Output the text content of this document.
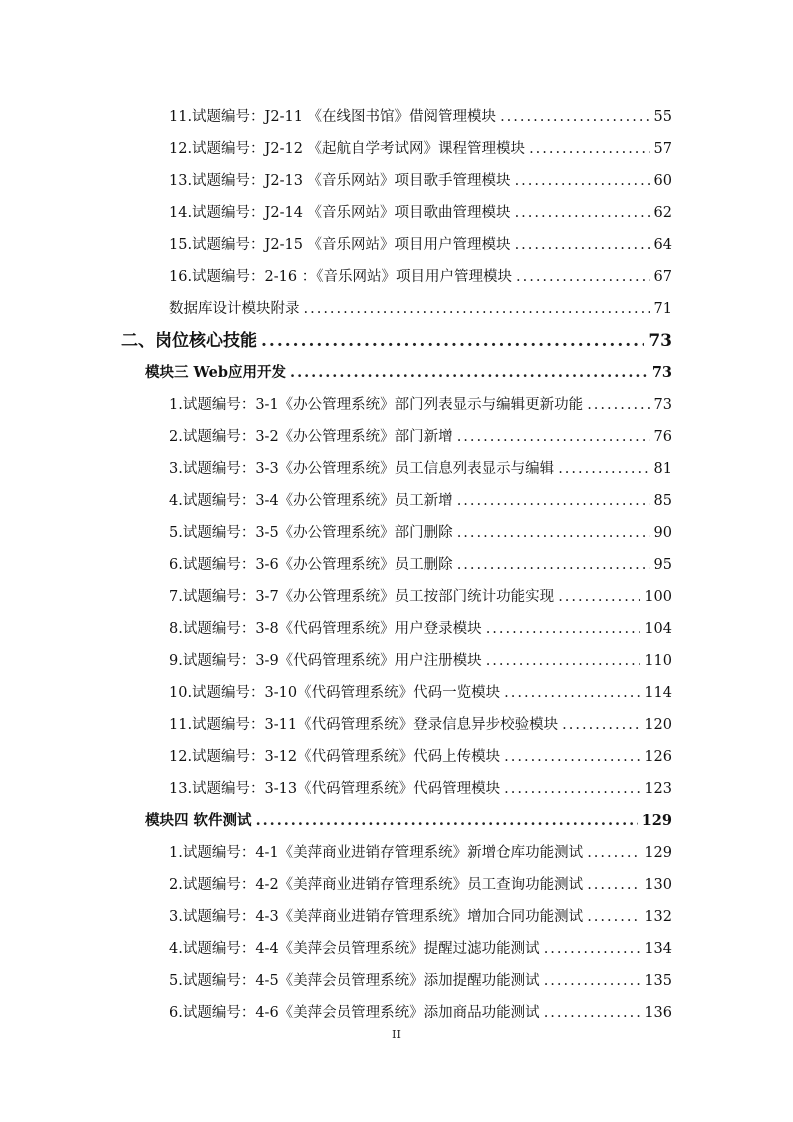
11.试题编号：J2-11 《在线图书馆》借阅管理模块 .....	55
12.试题编号：J2-12 《起航自学考试网》课程管理模块 .....	57
13.试题编号：J2-13 《音乐网站》项目歌手管理模块 .....	60
14.试题编号：J2-14 《音乐网站》项目歌曲管理模块 .....	62
15.试题编号：J2-15 《音乐网站》项目用户管理模块 .....	64
16.试题编号：2-16 ：《音乐网站》项目用户管理模块 .....	67
数据库设计模块附录 .....	71
二、岗位核心技能 .....	73
模块三 Web应用开发 .....	73
1.试题编号：3-1《办公管理系统》部门列表显示与编辑更新功能 .....	73
2.试题编号：3-2《办公管理系统》部门新增 .....	76
3.试题编号：3-3《办公管理系统》员工信息列表显示与编辑 .....	81
4.试题编号：3-4《办公管理系统》员工新增 .....	85
5.试题编号：3-5《办公管理系统》部门删除 .....	90
6.试题编号：3-6《办公管理系统》员工删除 .....	95
7.试题编号：3-7《办公管理系统》员工按部门统计功能实现 .....	100
8.试题编号：3-8《代码管理系统》用户登录模块 .....	104
9.试题编号：3-9《代码管理系统》用户注册模块 .....	110
10.试题编号：3-10《代码管理系统》代码一览模块 .....	114
11.试题编号：3-11《代码管理系统》登录信息异步校验模块 .....	120
12.试题编号：3-12《代码管理系统》代码上传模块 .....	126
13.试题编号：3-13《代码管理系统》代码管理模块 .....	123
模块四 软件测试 .....	129
1.试题编号：4-1《美萍商业进销存管理系统》新增仓库功能测试 .....	129
2.试题编号：4-2《美萍商业进销存管理系统》员工查询功能测试 .....	130
3.试题编号：4-3《美萍商业进销存管理系统》增加合同功能测试 .....	132
4.试题编号：4-4《美萍会员管理系统》提醒过滤功能测试 .....	134
5.试题编号：4-5《美萍会员管理系统》添加提醒功能测试 .....	135
6.试题编号：4-6《美萍会员管理系统》添加商品功能测试 .....	136
II
